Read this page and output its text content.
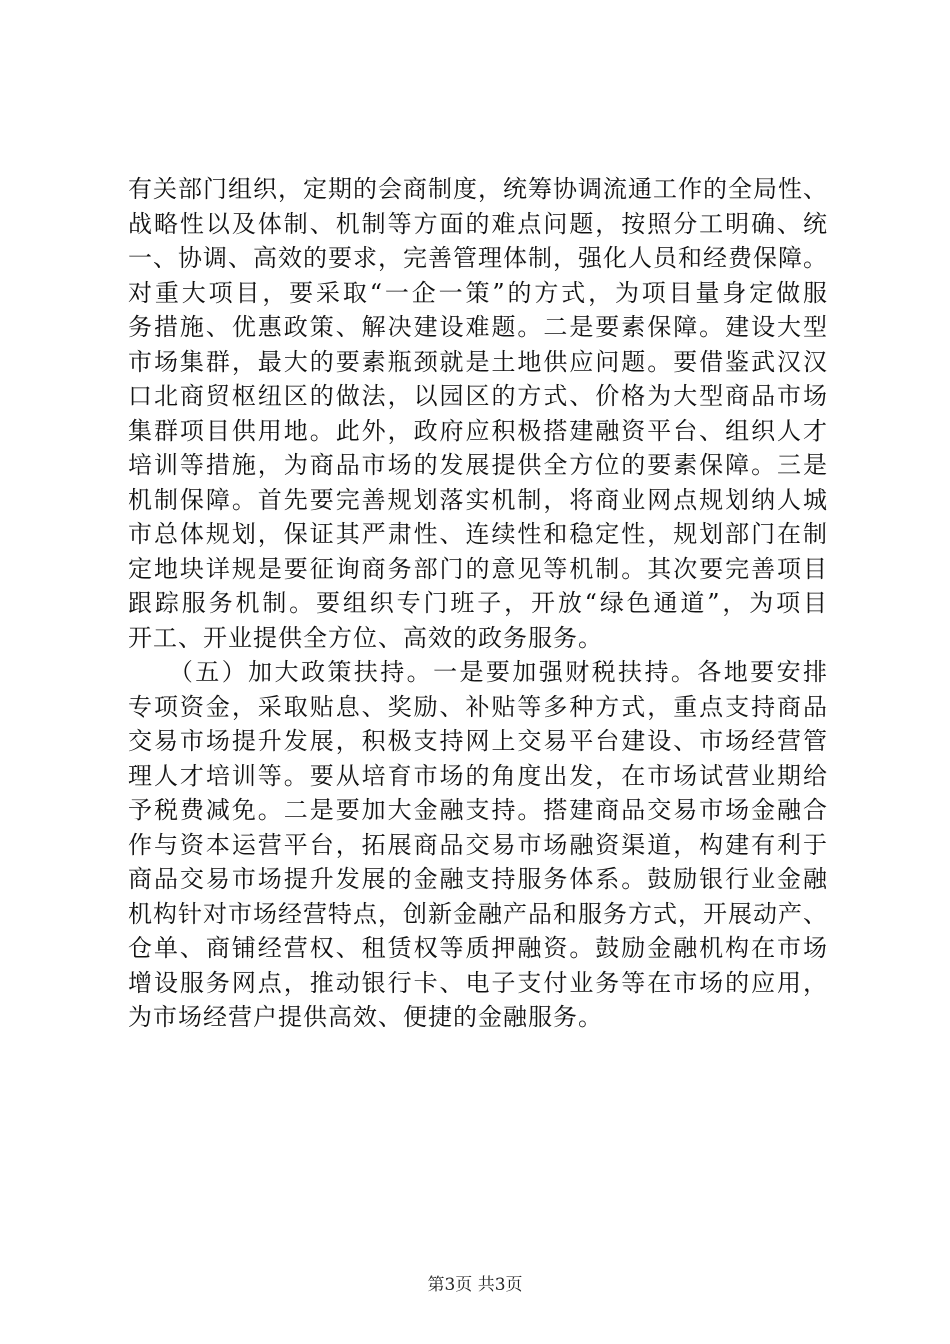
有关部门组织，定期的会商制度，统筹协调流通工作的全局性、
战略性以及体制、机制等方面的难点问题，按照分工明确、统
一、协调、高效的要求，完善管理体制，强化人员和经费保障。
对重大项目，要采取“一企一策”的方式，为项目量身定做服
务措施、优惠政策、解决建设难题。二是要素保障。建设大型
市场集群，最大的要素瓶颈就是土地供应问题。要借鉴武汉汉
口北商贸枢纽区的做法，以园区的方式、价格为大型商品市场
集群项目供用地。此外，政府应积极搭建融资平台、组织人才
培训等措施，为商品市场的发展提供全方位的要素保障。三是
机制保障。首先要完善规划落实机制，将商业网点规划纳人城
市总体规划，保证其严肃性、连续性和稳定性，规划部门在制
定地块详规是要征询商务部门的意见等机制。其次要完善项目
跟踪服务机制。要组织专门班子，开放“绿色通道”，为项目
开工、开业提供全方位、高效的政务服务。
　　（五）加大政策扶持。一是要加强财税扶持。各地要安排
专项资金，采取贴息、奖励、补贴等多种方式，重点支持商品
交易市场提升发展，积极支持网上交易平台建设、市场经营管
理人才培训等。要从培育市场的角度出发，在市场试营业期给
予税费减免。二是要加大金融支持。搭建商品交易市场金融合
作与资本运营平台，拓展商品交易市场融资渠道，构建有利于
商品交易市场提升发展的金融支持服务体系。鼓励银行业金融
机构针对市场经营特点，创新金融产品和服务方式，开展动产、
仓单、商铺经营权、租赁权等质押融资。鼓励金融机构在市场
增设服务网点，推动银行卡、电子支付业务等在市场的应用，
为市场经营户提供高效、便捷的金融服务。
第3页 共3页
